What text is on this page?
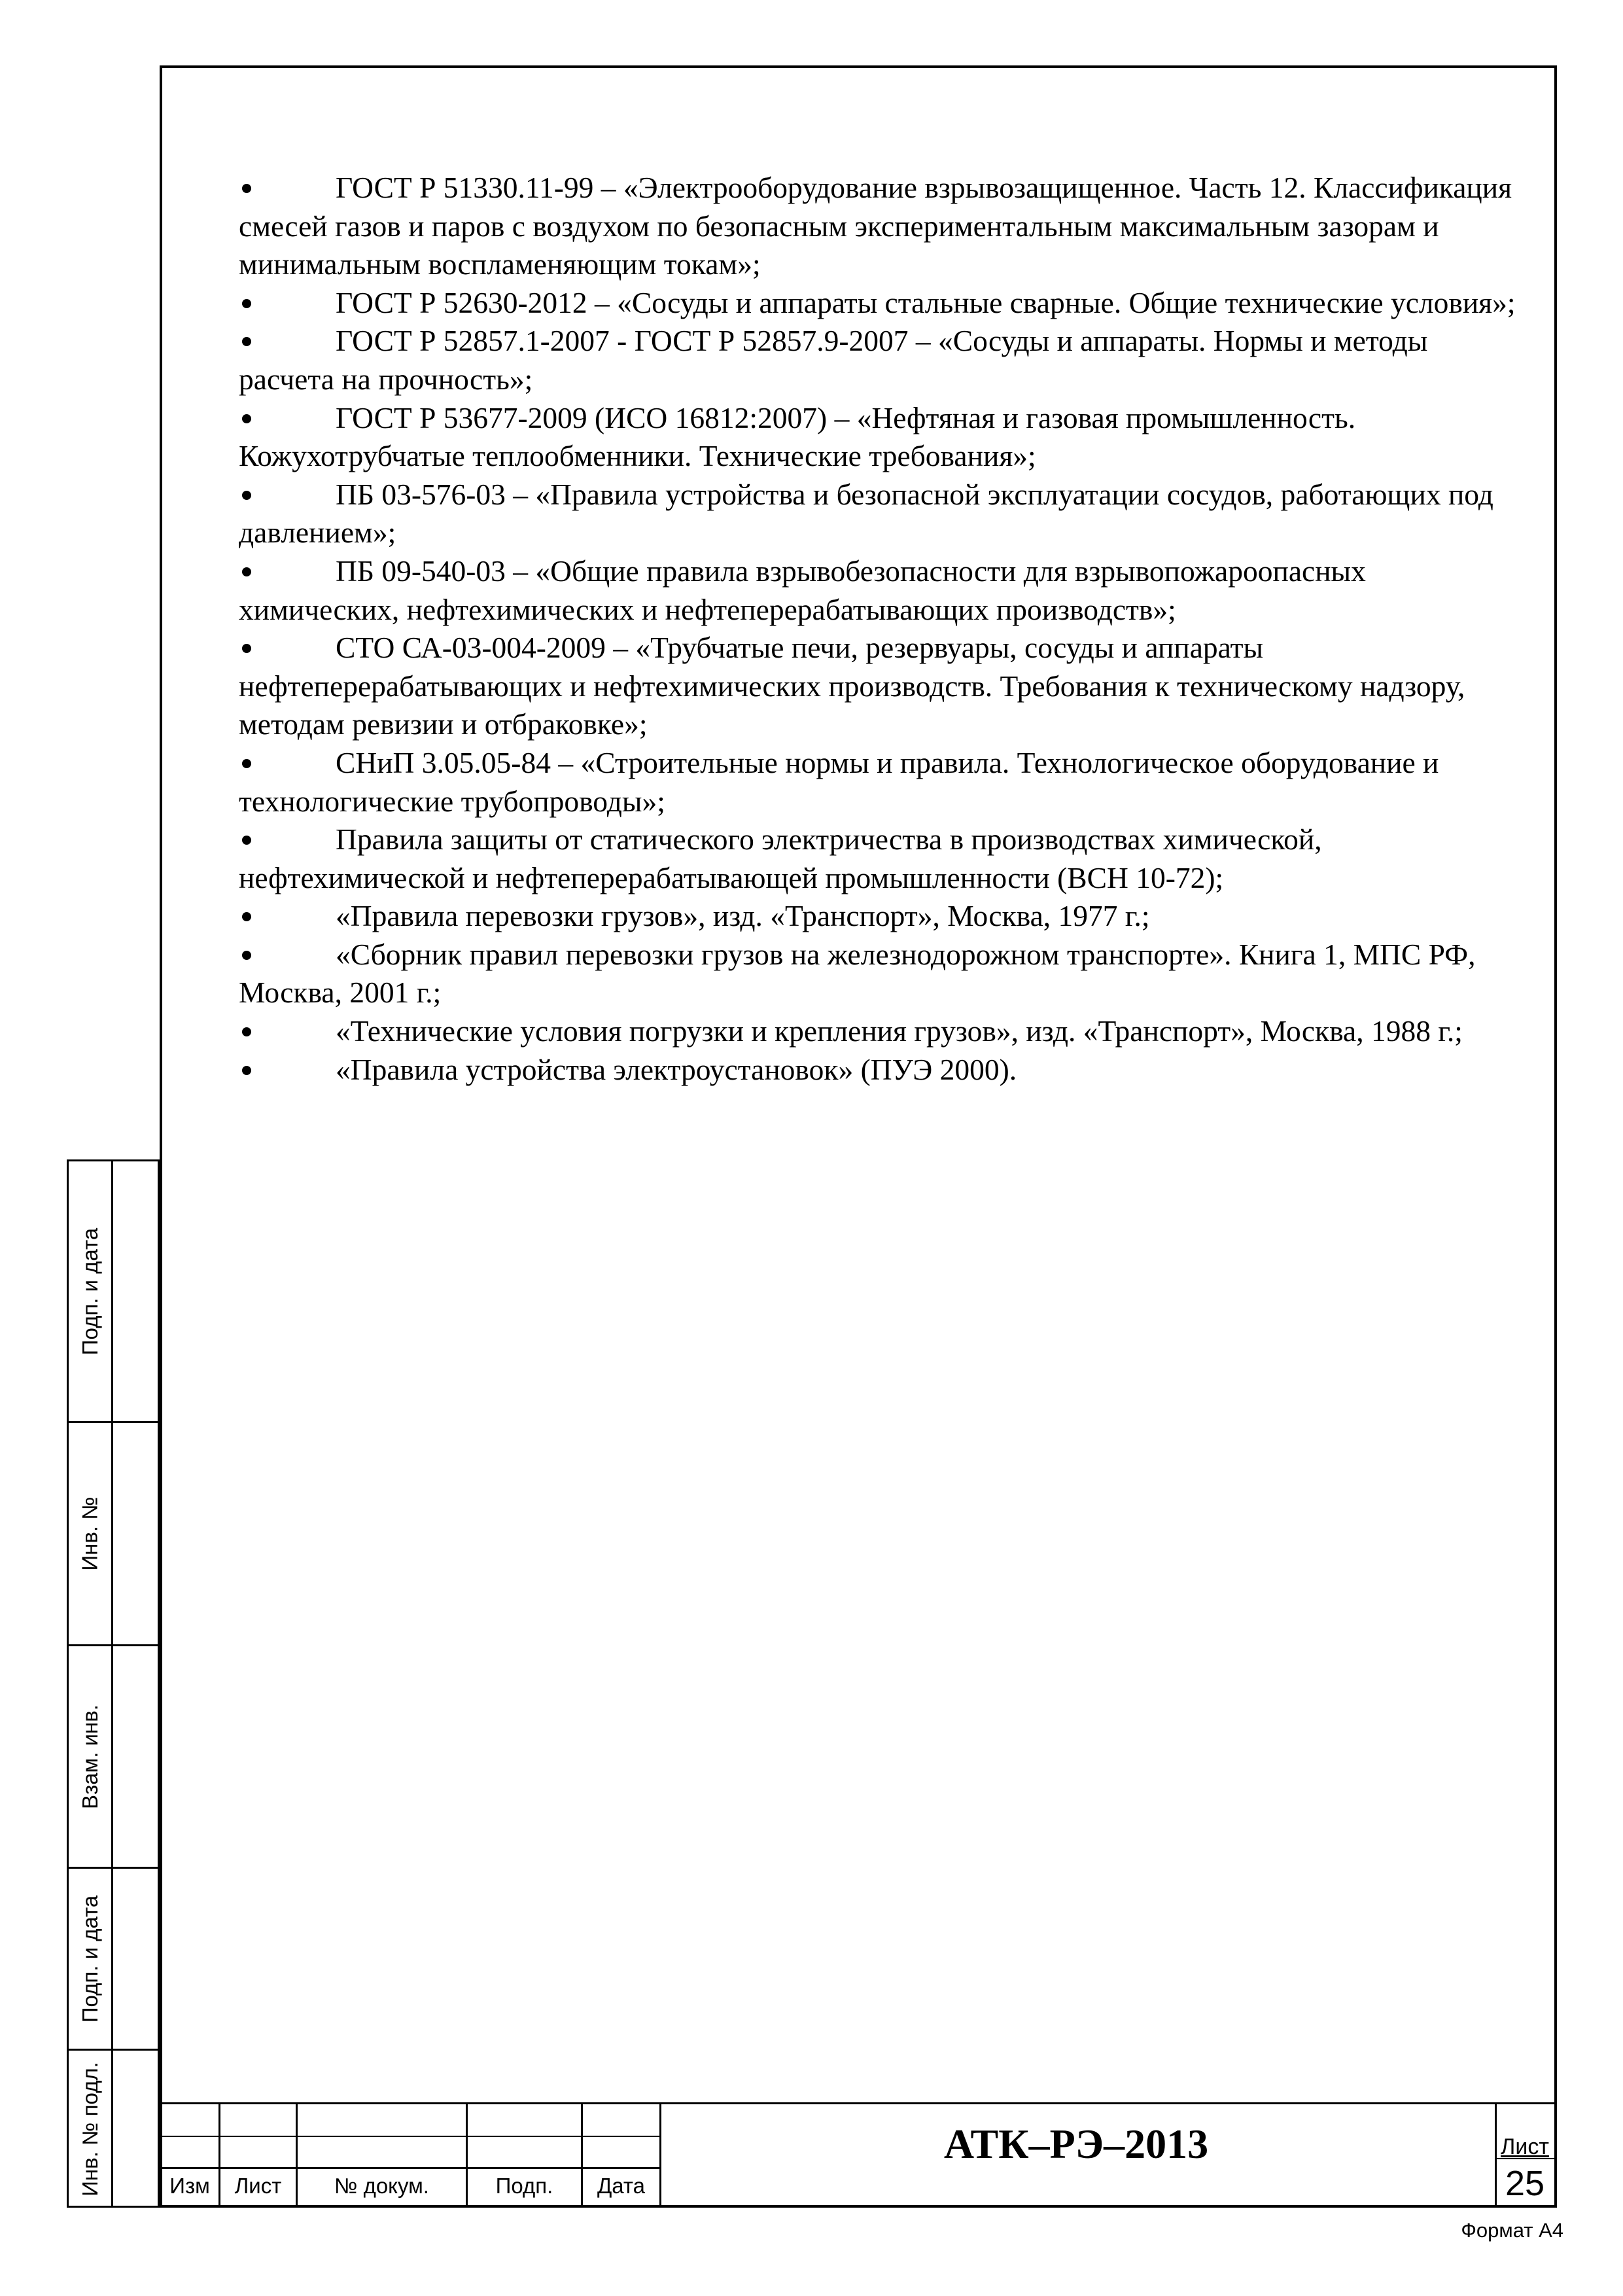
ГОСТ Р 51330.11-99 – «Электрооборудование взрывозащищенное. Часть 12. Классификация смесей газов и паров с воздухом по безопасным экспериментальным максимальным зазорам и минимальным воспламеняющим токам»;

ГОСТ Р 52630-2012 – «Сосуды и аппараты стальные сварные. Общие технические условия»;

ГОСТ Р 52857.1-2007 - ГОСТ Р 52857.9-2007 – «Сосуды и аппараты. Нормы и методы расчета на прочность»;

ГОСТ Р 53677-2009 (ИСО 16812:2007) – «Нефтяная и газовая промышленность. Кожухотрубчатые теплообменники. Технические требования»;

ПБ 03-576-03 – «Правила устройства и безопасной эксплуатации сосудов, работающих под давлением»;

ПБ 09-540-03 – «Общие правила взрывобезопасности для взрывопожароопасных химических, нефтехимических и нефтеперерабатывающих производств»;

СТО СА-03-004-2009 – «Трубчатые печи, резервуары, сосуды и аппараты нефтеперерабатывающих и нефтехимических производств. Требования к техническому надзору, методам ревизии и отбраковке»;

СНиП 3.05.05-84 – «Строительные нормы и правила. Технологическое оборудование и технологические трубопроводы»;

Правила защиты от статического электричества в производствах химической, нефтехимической и нефтеперерабатывающей промышленности (ВСН 10-72);

«Правила перевозки грузов», изд. «Транспорт», Москва, 1977 г.;

«Сборник правил перевозки грузов на железнодорожном транспорте». Книга 1, МПС РФ, Москва, 2001 г.;

«Технические условия погрузки и крепления грузов», изд. «Транспорт», Москва, 1988 г.;

«Правила устройства электроустановок» (ПУЭ 2000).

Подп. и дата
Инв. №
Взам. инв.
Подп. и дата
Инв. № подл.	Изм	Лист	№ докум.	Подп.	Дата
АТК–РЭ–2013	Лист
25
Формат А4
